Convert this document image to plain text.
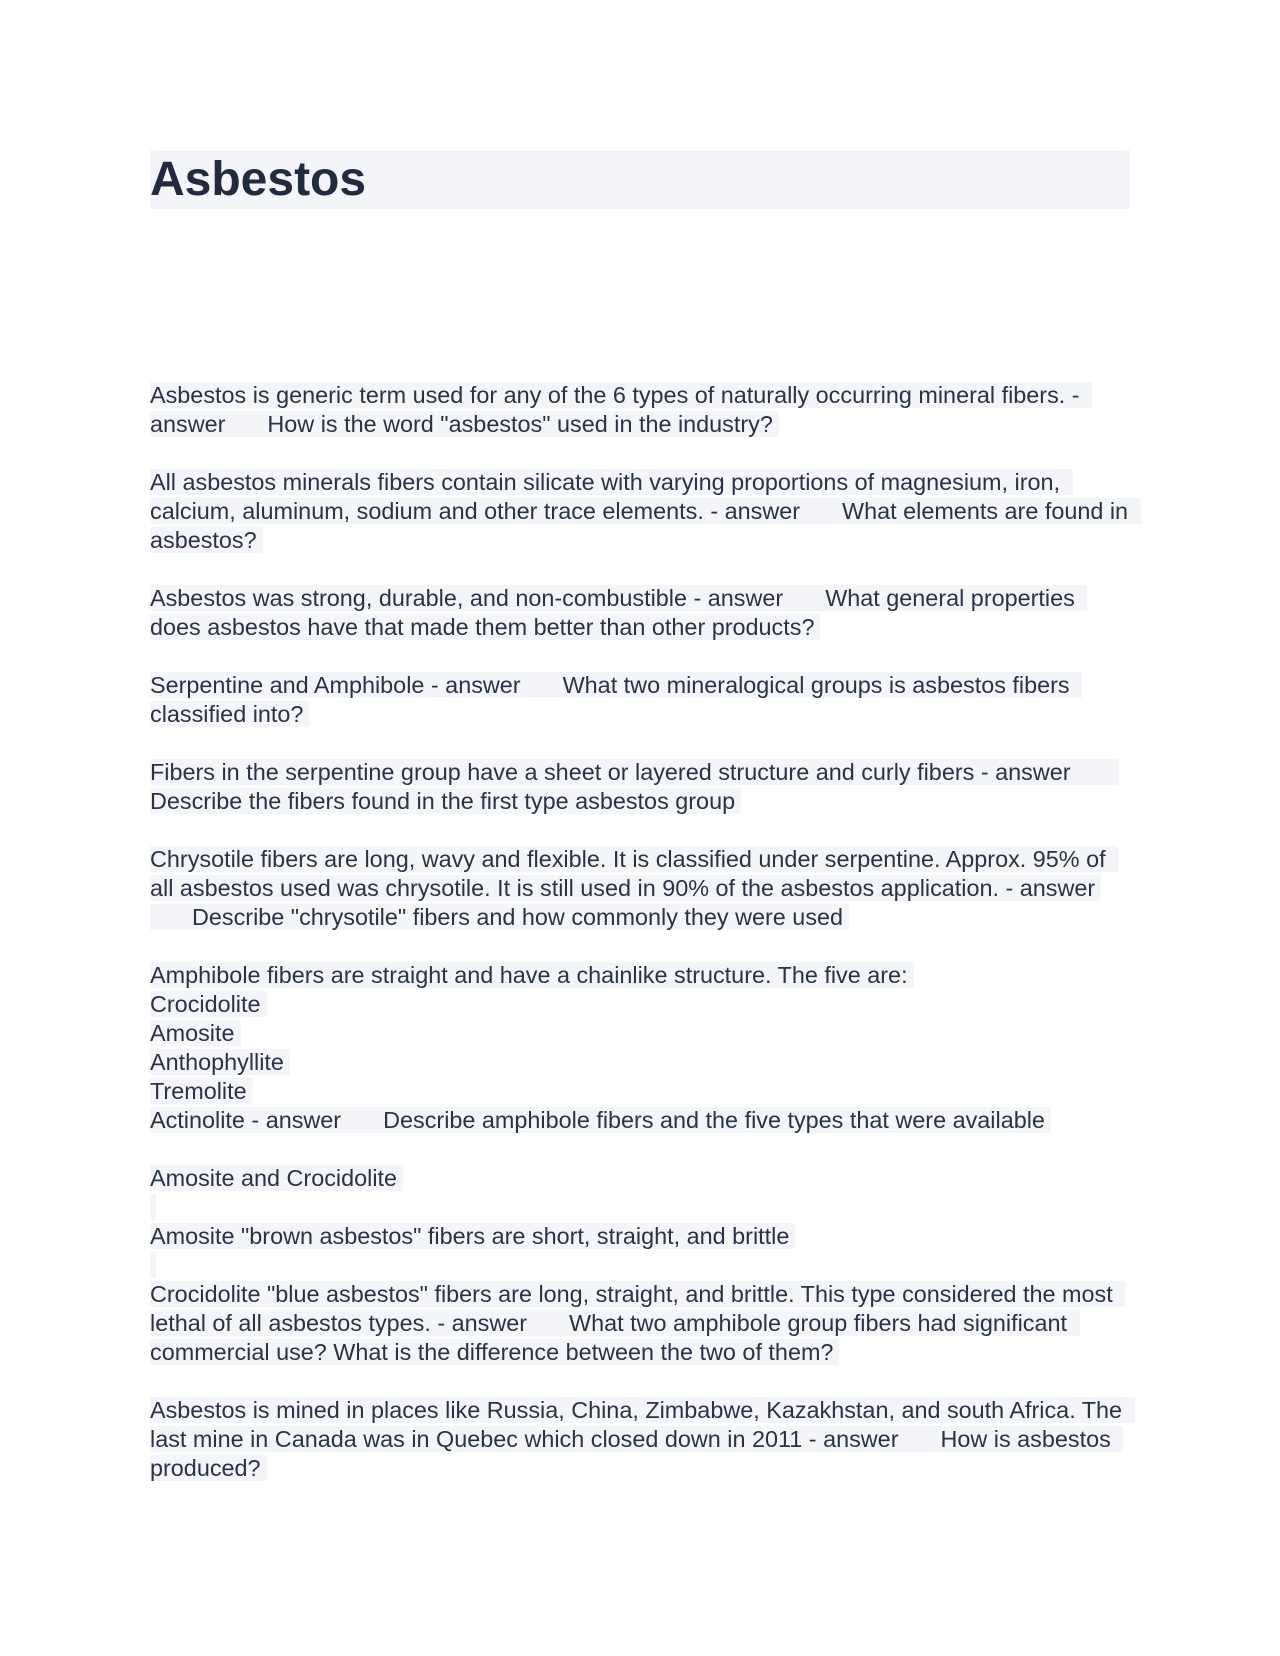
Asbestos

Asbestos is generic term used for any of the 6 types of naturally occurring mineral fibers. - answer How is the word "asbestos" used in the industry?

All asbestos minerals fibers contain silicate with varying proportions of magnesium, iron, calcium, aluminum, sodium and other trace elements. - answer What elements are found in asbestos?

Asbestos was strong, durable, and non-combustible - answer What general properties does asbestos have that made them better than other products?

Serpentine and Amphibole - answer What two mineralogical groups is asbestos fibers classified into?

Fibers in the serpentine group have a sheet or layered structure and curly fibers - answerDescribe the fibers found in the first type asbestos group

Chrysotile fibers are long, wavy and flexible. It is classified under serpentine. Approx. 95% of all asbestos used was chrysotile. It is still used in 90% of the asbestos application. - answerDescribe "chrysotile" fibers and how commonly they were used

Amphibole fibers are straight and have a chainlike structure. The five are:
Crocidolite
Amosite
Anthophyllite
Tremolite
Actinolite - answer Describe amphibole fibers and the five types that were available

Amosite and Crocidolite

Amosite "brown asbestos" fibers are short, straight, and brittle

Crocidolite "blue asbestos" fibers are long, straight, and brittle. This type considered the most lethal of all asbestos types. - answer What two amphibole group fibers had significant commercial use? What is the difference between the two of them?

Asbestos is mined in places like Russia, China, Zimbabwe, Kazakhstan, and south Africa. The last mine in Canada was in Quebec which closed down in 2011 - answer How is asbestos produced?
